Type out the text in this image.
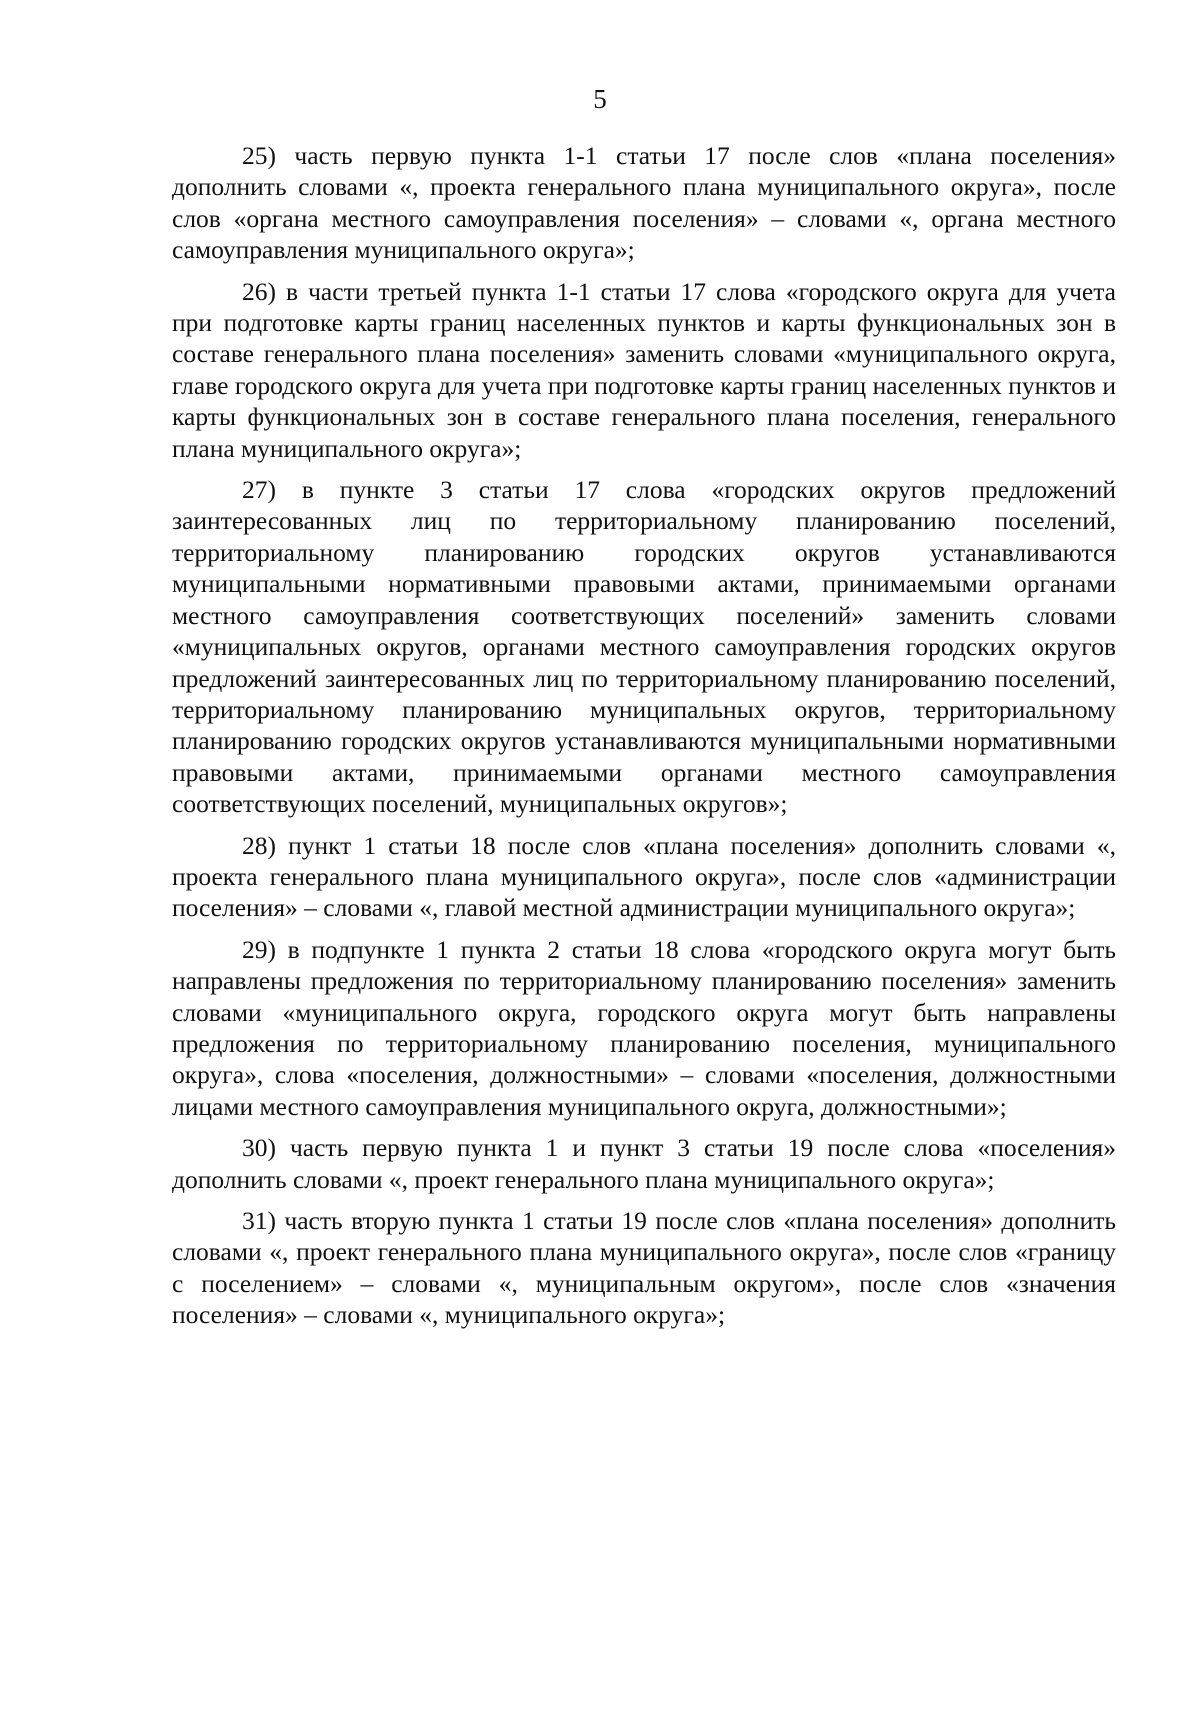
5

25) часть первую пункта 1-1 статьи 17 после слов «плана поселения» дополнить словами «, проекта генерального плана муниципального округа», после слов «органа местного самоуправления поселения» – словами «, органа местного самоуправления муниципального округа»;

26) в части третьей пункта 1-1 статьи 17 слова «городского округа для учета при подготовке карты границ населенных пунктов и карты функциональных зон в составе генерального плана поселения» заменить словами «муниципального округа, главе городского округа для учета при подготовке карты границ населенных пунктов и карты функциональных зон в составе генерального плана поселения, генерального плана муниципального округа»;

27) в пункте 3 статьи 17 слова «городских округов предложений заинтересованных лиц по территориальному планированию поселений, территориальному планированию городских округов устанавливаются муниципальными нормативными правовыми актами, принимаемыми органами местного самоуправления соответствующих поселений» заменить словами «муниципальных округов, органами местного самоуправления городских округов предложений заинтересованных лиц по территориальному планированию поселений, территориальному планированию муниципальных округов, территориальному планированию городских округов устанавливаются муниципальными нормативными правовыми актами, принимаемыми органами местного самоуправления соответствующих поселений, муниципальных округов»;

28) пункт 1 статьи 18 после слов «плана поселения» дополнить словами «, проекта генерального плана муниципального округа», после слов «администрации поселения» – словами «, главой местной администрации муниципального округа»;

29) в подпункте 1 пункта 2 статьи 18 слова «городского округа могут быть направлены предложения по территориальному планированию поселения» заменить словами «муниципального округа, городского округа могут быть направлены предложения по территориальному планированию поселения, муниципального округа», слова «поселения, должностными» – словами «поселения, должностными лицами местного самоуправления муниципального округа, должностными»;

30) часть первую пункта 1 и пункт 3 статьи 19 после слова «поселения» дополнить словами «, проект генерального плана муниципального округа»;

31) часть вторую пункта 1 статьи 19 после слов «плана поселения» дополнить словами «, проект генерального плана муниципального округа», после слов «границу с поселением» – словами «, муниципальным округом», после слов «значения поселения» – словами «, муниципального округа»;
